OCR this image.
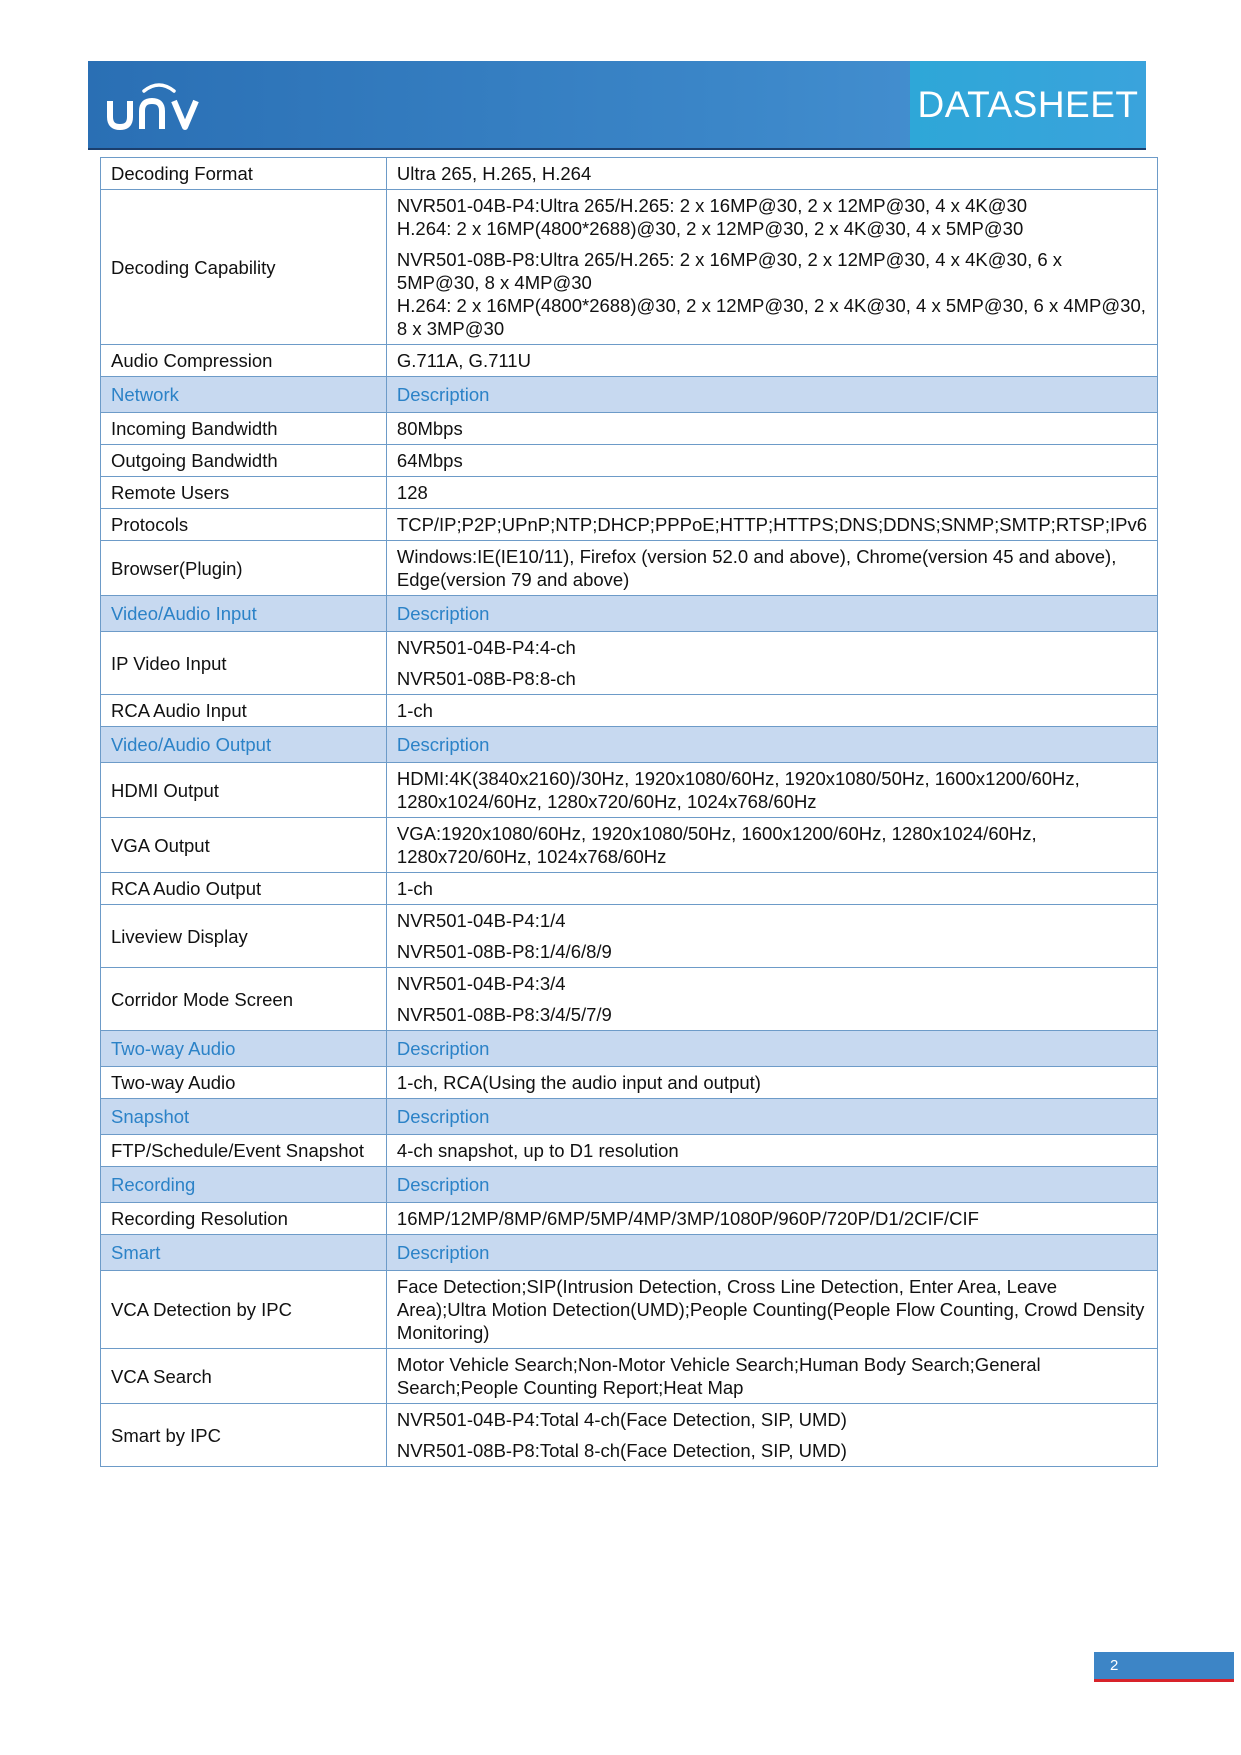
DATASHEET
Decoding Format	Ultra 265, H.265, H.264

Decoding Capability	NVR501-04B-P4:Ultra 265/H.265: 2 x 16MP@30, 2 x 12MP@30, 4 x 4K@30
H.264: 2 x 16MP(4800*2688)@30, 2 x 12MP@30, 2 x 4K@30, 4 x 5MP@30
NVR501-08B-P8:Ultra 265/H.265: 2 x 16MP@30, 2 x 12MP@30, 4 x 4K@30, 6 x 5MP@30, 8 x 4MP@30
H.264: 2 x 16MP(4800*2688)@30, 2 x 12MP@30, 2 x 4K@30, 4 x 5MP@30, 6 x 4MP@30, 8 x 3MP@30

Audio Compression	G.711A, G.711U

Network	Description
Incoming Bandwidth	80Mbps

Outgoing Bandwidth	64Mbps

Remote Users	128

Protocols	TCP/IP;P2P;UPnP;NTP;DHCP;PPPoE;HTTP;HTTPS;DNS;DDNS;SNMP;SMTP;RTSP;IPv6

Browser(Plugin)	Windows:IE(IE10/11), Firefox (version 52.0 and above), Chrome(version 45 and above), Edge(version 79 and above)

Video/Audio Input	Description
IP Video Input	NVR501-04B-P4:4-ch
NVR501-08B-P8:8-ch

RCA Audio Input	1-ch

Video/Audio Output	Description
HDMI Output	HDMI:4K(3840x2160)/30Hz, 1920x1080/60Hz, 1920x1080/50Hz, 1600x1200/60Hz, 1280x1024/60Hz, 1280x720/60Hz, 1024x768/60Hz

VGA Output	VGA:1920x1080/60Hz, 1920x1080/50Hz, 1600x1200/60Hz, 1280x1024/60Hz, 1280x720/60Hz, 1024x768/60Hz

RCA Audio Output	1-ch

Liveview Display	NVR501-04B-P4:1/4
NVR501-08B-P8:1/4/6/8/9

Corridor Mode Screen	NVR501-04B-P4:3/4
NVR501-08B-P8:3/4/5/7/9

Two-way Audio	Description
Two-way Audio	1-ch, RCA(Using the audio input and output)

Snapshot	Description
FTP/Schedule/Event Snapshot	4-ch snapshot, up to D1 resolution

Recording	Description
Recording Resolution	16MP/12MP/8MP/6MP/5MP/4MP/3MP/1080P/960P/720P/D1/2CIF/CIF

Smart	Description
VCA Detection by IPC	Face Detection;SIP(Intrusion Detection, Cross Line Detection, Enter Area, Leave Area);Ultra Motion Detection(UMD);People Counting(People Flow Counting, Crowd Density Monitoring)

VCA Search	Motor Vehicle Search;Non-Motor Vehicle Search;Human Body Search;General Search;People Counting Report;Heat Map

Smart by IPC	NVR501-04B-P4:Total 4-ch(Face Detection, SIP, UMD)
NVR501-08B-P8:Total 8-ch(Face Detection, SIP, UMD)
2
